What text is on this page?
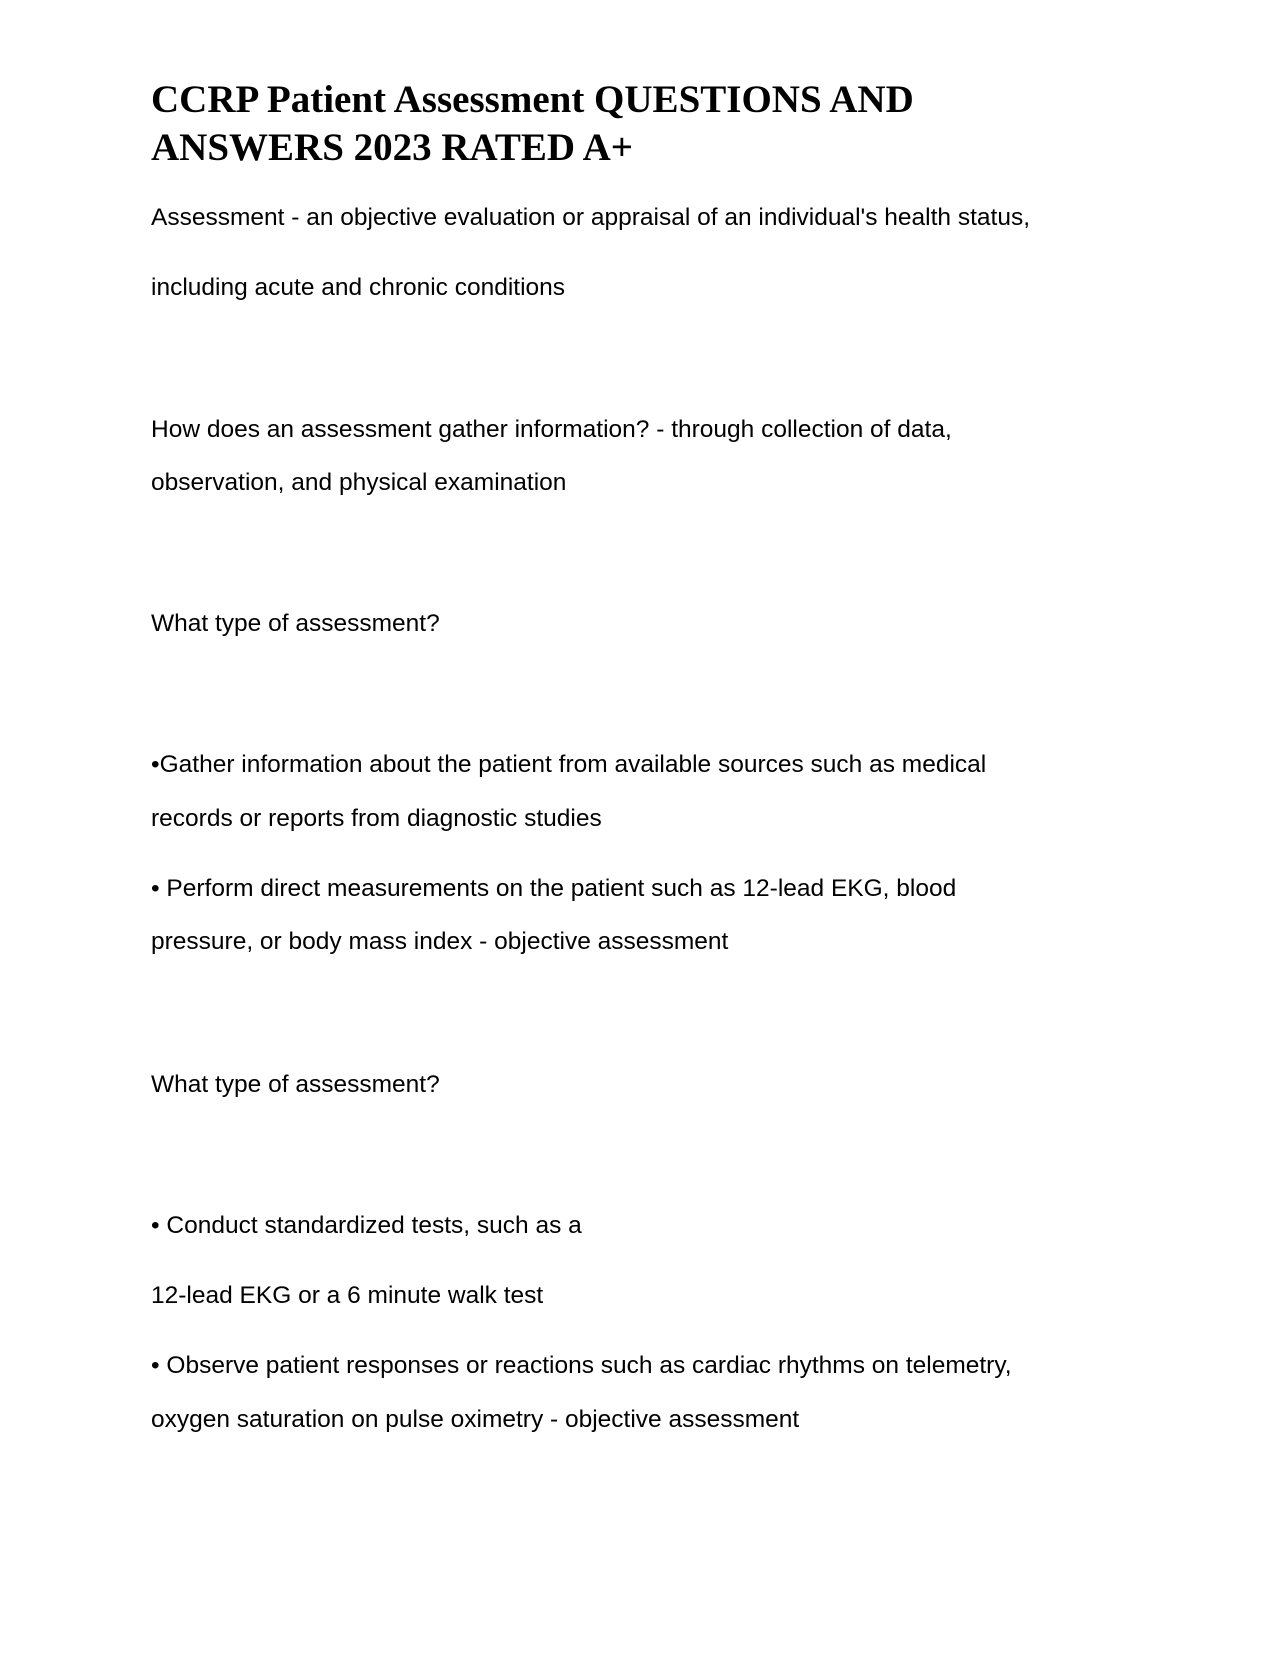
CCRP Patient Assessment QUESTIONS AND
ANSWERS 2023 RATED A+

Assessment - an objective evaluation or appraisal of an individual's health status,

including acute and chronic conditions

How does an assessment gather information? - through collection of data,

observation, and physical examination

What type of assessment?

•Gather information about the patient from available sources such as medical

records or reports from diagnostic studies

• Perform direct measurements on the patient such as 12-lead EKG, blood

pressure, or body mass index - objective assessment

What type of assessment?

• Conduct standardized tests, such as a

12-lead EKG or a 6 minute walk test

• Observe patient responses or reactions such as cardiac rhythms on telemetry,

oxygen saturation on pulse oximetry - objective assessment
